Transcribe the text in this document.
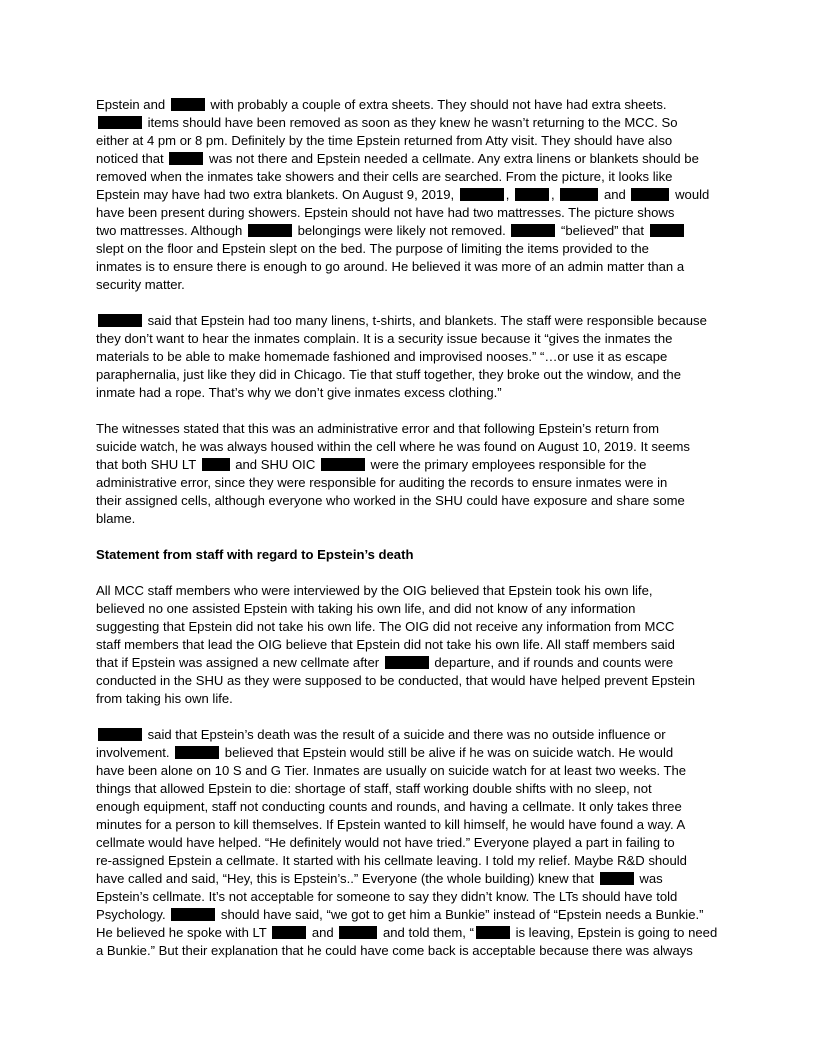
Epstein and	with probably a couple of extra sheets. They should not have had extra sheets.
items should have been removed as soon as they knew he wasn’t returning to the MCC. So
either at 4 pm or 8 pm. Definitely by the time Epstein returned from Atty visit. They should have also
noticed that	was not there and Epstein needed a cellmate. Any extra linens or blankets should be
removed when the inmates take showers and their cells are searched. From the picture, it looks like
Epstein may have had two extra blankets. On August 9, 2019,	,	,	and	would
have been present during showers. Epstein should not have had two mattresses. The picture shows
two mattresses. Although	belongings were likely not removed.	“believed” that
slept on the floor and Epstein slept on the bed. The purpose of limiting the items provided to the
inmates is to ensure there is enough to go around. He believed it was more of an admin matter than a
security matter.
said that Epstein had too many linens, t-shirts, and blankets. The staff were responsible because
they don’t want to hear the inmates complain. It is a security issue because it “gives the inmates the
materials to be able to make homemade fashioned and improvised nooses.” “…or use it as escape
paraphernalia, just like they did in Chicago. Tie that stuff together, they broke out the window, and the
inmate had a rope. That’s why we don’t give inmates excess clothing.”
The witnesses stated that this was an administrative error and that following Epstein’s return from
suicide watch, he was always housed within the cell where he was found on August 10, 2019. It seems
that both SHU LT  and SHU OIC	were the primary employees responsible for the
administrative error, since they were responsible for auditing the records to ensure inmates were in
their assigned cells, although everyone who worked in the SHU could have exposure and share some
blame.
Statement from staff with regard to Epstein’s death
All MCC staff members who were interviewed by the OIG believed that Epstein took his own life,
believed no one assisted Epstein with taking his own life, and did not know of any information
suggesting that Epstein did not take his own life. The OIG did not receive any information from MCC
staff members that lead the OIG believe that Epstein did not take his own life. All staff members said
that if Epstein was assigned a new cellmate after	departure, and if rounds and counts were
conducted in the SHU as they were supposed to be conducted, that would have helped prevent Epstein
from taking his own life.
said that Epstein’s death was the result of a suicide and there was no outside influence or
involvement.	believed that Epstein would still be alive if he was on suicide watch. He would
have been alone on 10 S and G Tier. Inmates are usually on suicide watch for at least two weeks. The
things that allowed Epstein to die: shortage of staff, staff working double shifts with no sleep, not
enough equipment, staff not conducting counts and rounds, and having a cellmate. It only takes three
minutes for a person to kill themselves. If Epstein wanted to kill himself, he would have found a way. A
cellmate would have helped. “He definitely would not have tried.” Everyone played a part in failing to
re-assigned Epstein a cellmate. It started with his cellmate leaving. I told my relief. Maybe R&D should
have called and said, “Hey, this is Epstein’s..” Everyone (the whole building) knew that	was
Epstein’s cellmate. It’s not acceptable for someone to say they didn’t know. The LTs should have told
Psychology.	should have said, “we got to get him a Bunkie” instead of “Epstein needs a Bunkie.”
He believed he spoke with LT	and	and told them, “	is leaving, Epstein is going to need
a Bunkie.” But their explanation that he could have come back is acceptable because there was always
